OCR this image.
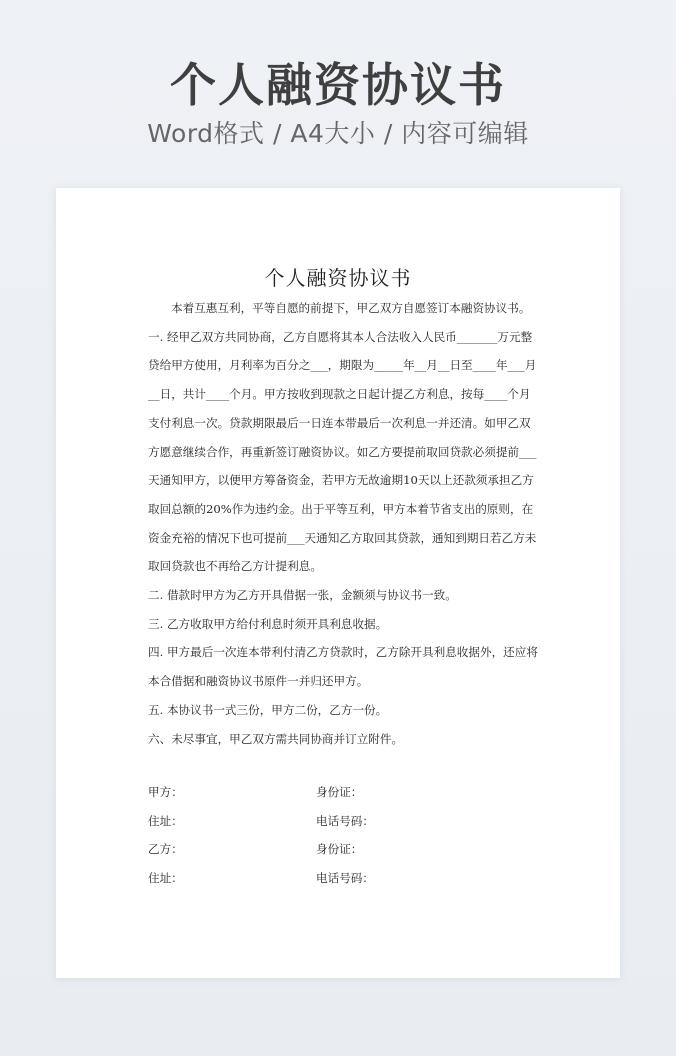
个人融资协议书
Word格式 / A4大小 / 内容可编辑
个人融资协议书

本着互惠互利，平等自愿的前提下，甲乙双方自愿签订本融资协议书。

一. 经甲乙双方共同协商，乙方自愿将其本人合法收入人民币_______万元整贷给甲方使用，月利率为百分之___，期限为_____年__月__日至____年___月__日，共计____个月。甲方按收到现款之日起计提乙方利息，按每____个月支付利息一次。贷款期限最后一日连本带最后一次利息一并还清。如甲乙双方愿意继续合作，再重新签订融资协议。如乙方要提前取回贷款必须提前___天通知甲方，以便甲方筹备资金，若甲方无故逾期10天以上还款须承担乙方取回总额的20%作为违约金。出于平等互利，甲方本着节省支出的原则，在资金充裕的情况下也可提前___天通知乙方取回其贷款，通知到期日若乙方未取回贷款也不再给乙方计提利息。

二. 借款时甲方为乙方开具借据一张，金额须与协议书一致。

三. 乙方收取甲方给付利息时须开具利息收据。

四. 甲方最后一次连本带利付清乙方贷款时，乙方除开具利息收据外，还应将本合借据和融资协议书原件一并归还甲方。

五. 本协议书一式三份，甲方二份，乙方一份。

六、未尽事宜，甲乙双方需共同协商并订立附件。

甲方：	身份证：
住址：	电话号码：
乙方：	身份证：
住址：	电话号码：
